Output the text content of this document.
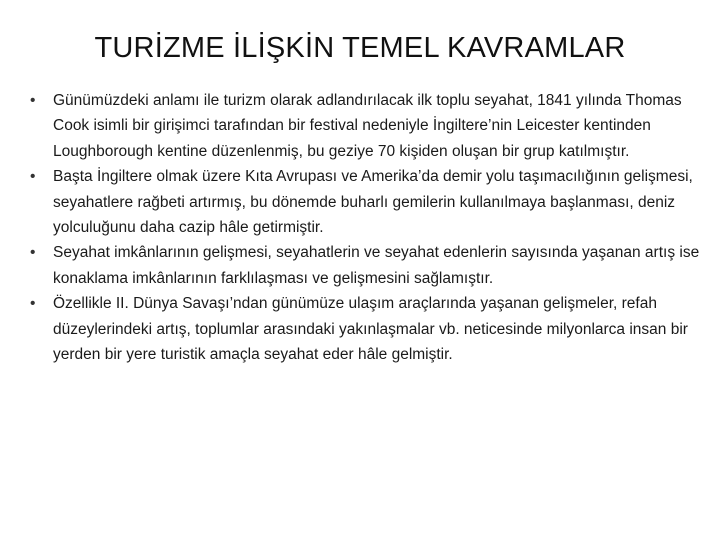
TURİZME İLİŞKİN TEMEL KAVRAMLAR
•	Günümüzdeki anlamı ile turizm olarak adlandırılacak ilk toplu seyahat, 1841 yılında Thomas Cook isimli bir girişimci tarafından bir festival nedeniyle İngiltere’nin Leicester kentinden Loughborough kentine düzenlenmiş, bu geziye 70 kişiden oluşan bir grup katılmıştır.
•	Başta İngiltere olmak üzere Kıta Avrupası ve Amerika’da demir yolu taşımacılığının gelişmesi, seyahatlere rağbeti artırmış, bu dönemde buharlı gemilerin kullanılmaya başlanması, deniz yolculuğunu daha cazip hâle getirmiştir.
•	Seyahat imkânlarının gelişmesi, seyahatlerin ve seyahat edenlerin sayısında yaşanan artış ise konaklama imkânlarının farklılaşması ve gelişmesini sağlamıştır.
•	Özellikle II. Dünya Savaşı’ndan günümüze ulaşım araçlarında yaşanan gelişmeler, refah düzeylerindeki artış, toplumlar arasındaki yakınlaşmalar vb. neticesinde milyonlarca insan bir yerden bir yere turistik amaçla seyahat eder hâle gelmiştir.
